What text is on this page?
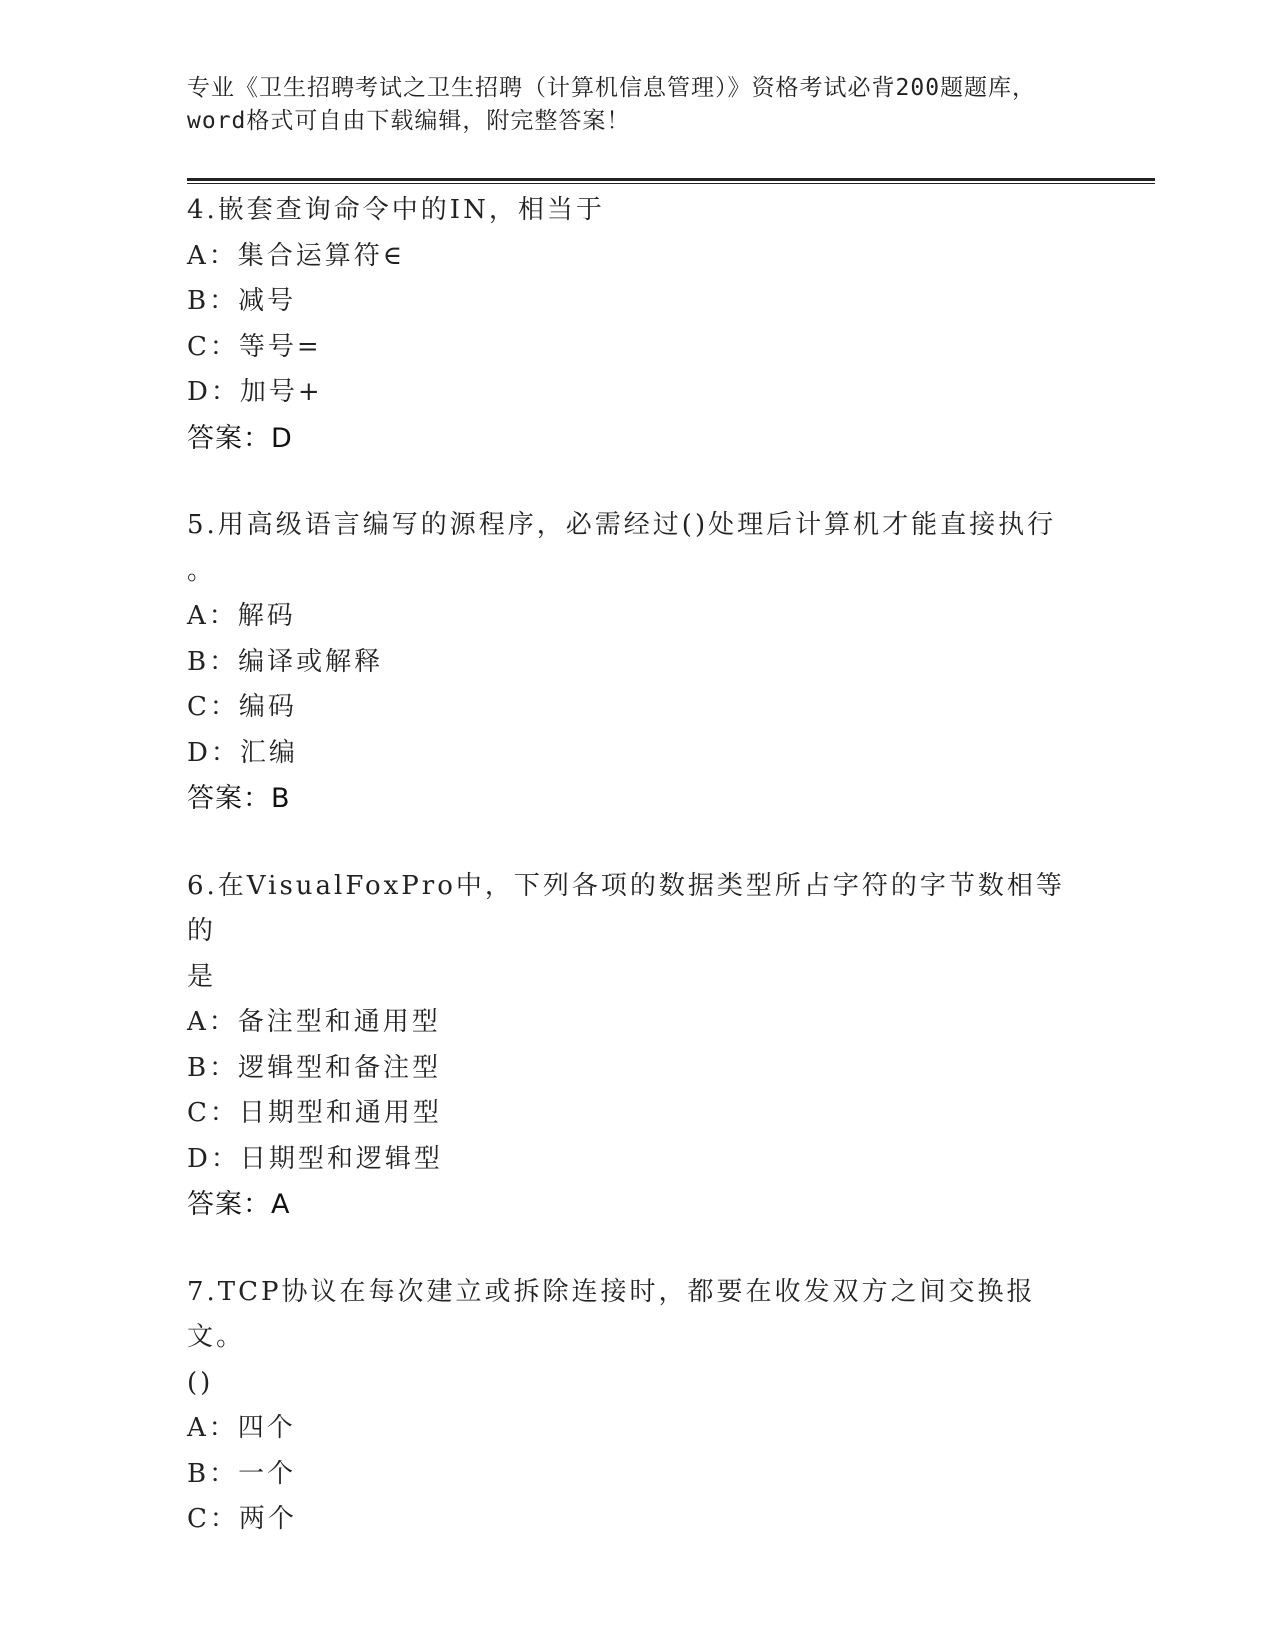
专业《卫生招聘考试之卫生招聘（计算机信息管理）》资格考试必背200题题库，
word格式可自由下载编辑，附完整答案！
4.嵌套查询命令中的IN，相当于
A：集合运算符∈
B：减号
C：等号=
D：加号+
答案：D
5.用高级语言编写的源程序，必需经过()处理后计算机才能直接执行
。
A：解码
B：编译或解释
C：编码
D：汇编
答案：B
6.在VisualFoxPro中，下列各项的数据类型所占字符的字节数相等的
是
A：备注型和通用型
B：逻辑型和备注型
C：日期型和通用型
D：日期型和逻辑型
答案：A
7.TCP协议在每次建立或拆除连接时，都要在收发双方之间交换报文。
()
A：四个
B：一个
C：两个
